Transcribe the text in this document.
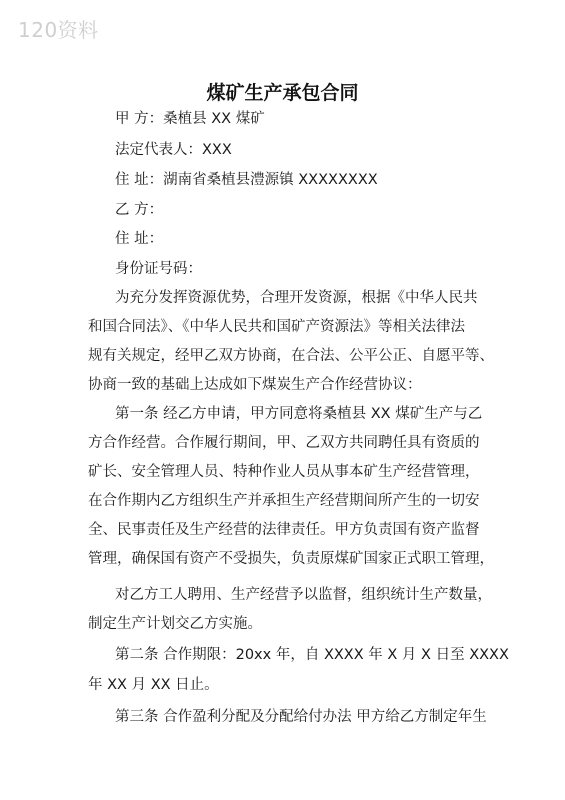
120资料
煤矿生产承包合同
甲 方：桑植县 XX 煤矿
法定代表人：XXX
住 址：湖南省桑植县澧源镇 XXXXXXXX
乙 方：
住 址：
身份证号码：
为充分发挥资源优势，合理开发资源，根据《中华人民共
和国合同法》、《中华人民共和国矿产资源法》等相关法律法
规有关规定，经甲乙双方协商，在合法、公平公正、自愿平等、
协商一致的基础上达成如下煤炭生产合作经营协议：
第一条 经乙方申请，甲方同意将桑植县 XX 煤矿生产与乙
方合作经营。合作履行期间，甲、乙双方共同聘任具有资质的
矿长、安全管理人员、特种作业人员从事本矿生产经营管理，
在合作期内乙方组织生产并承担生产经营期间所产生的一切安
全、民事责任及生产经营的法律责任。甲方负责国有资产监督
管理，确保国有资产不受损失，负责原煤矿国家正式职工管理，
对乙方工人聘用、生产经营予以监督，组织统计生产数量，
制定生产计划交乙方实施。
第二条 合作期限：20xx 年，自 XXXX 年 X 月 X 日至 XXXX
年 XX 月 XX 日止。
第三条 合作盈利分配及分配给付办法 甲方给乙方制定年生
